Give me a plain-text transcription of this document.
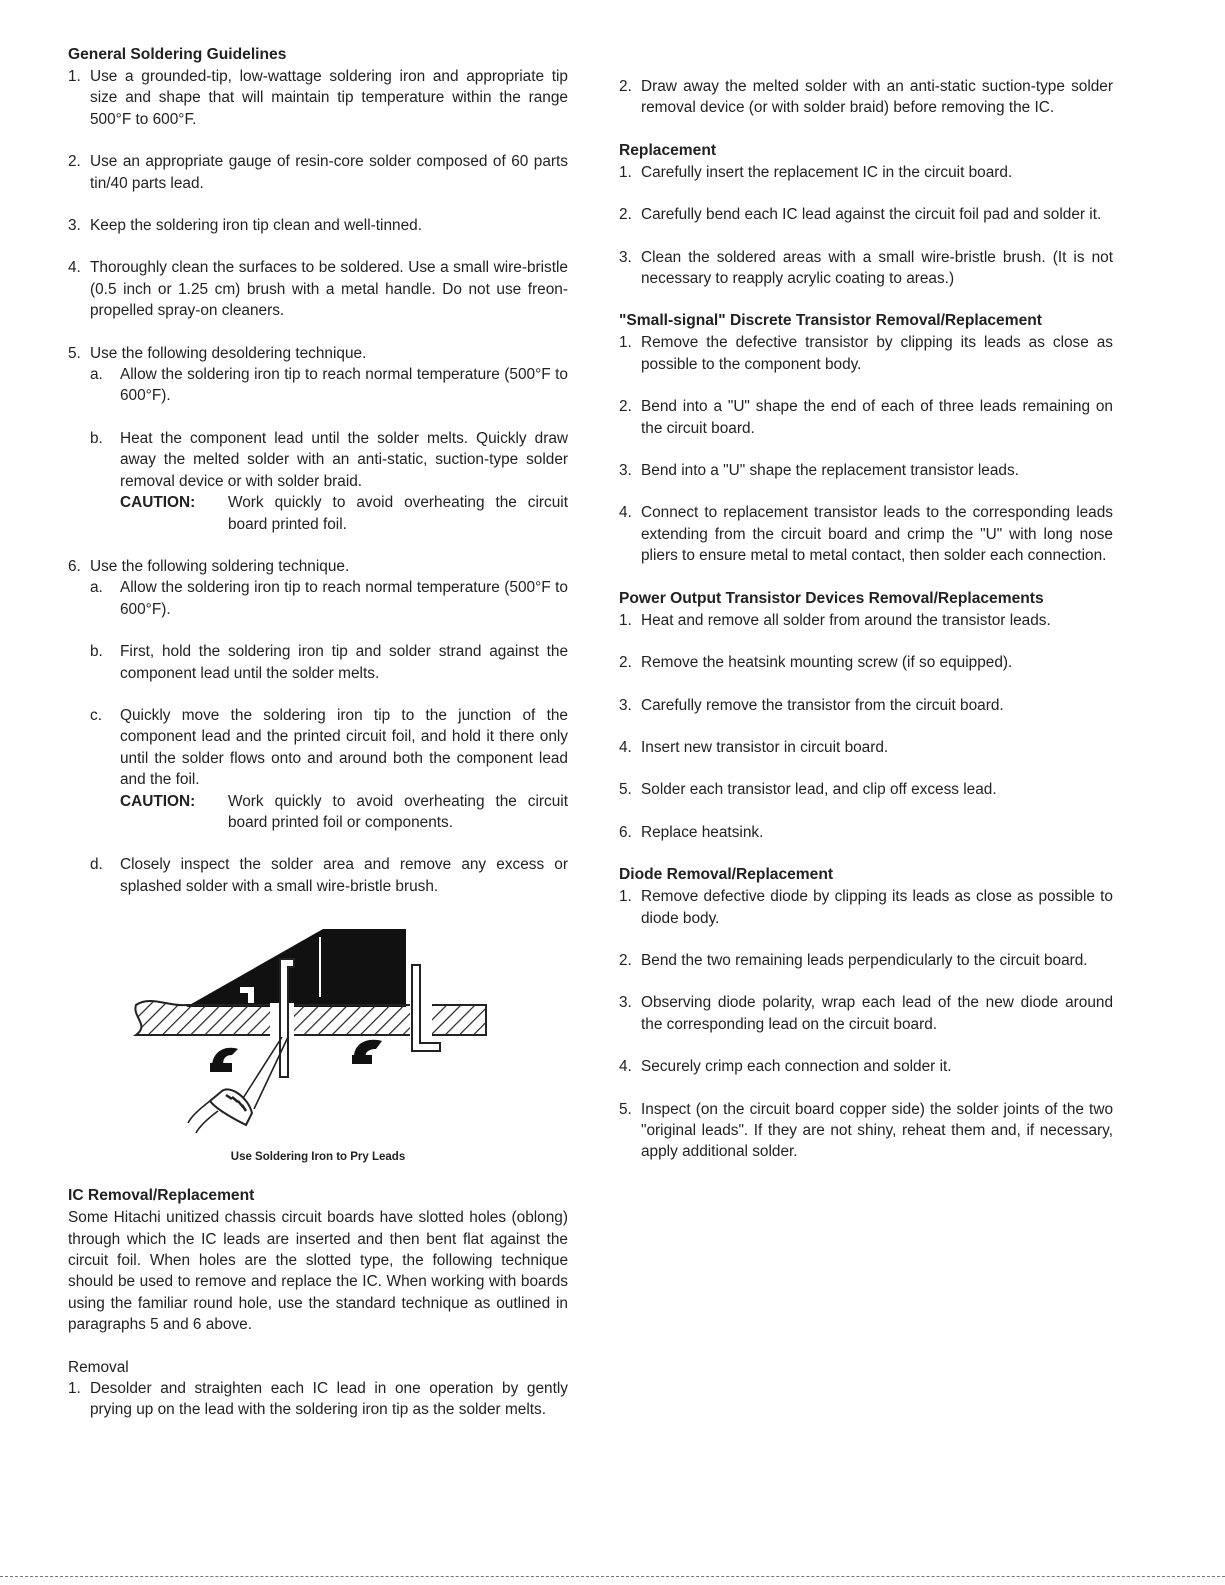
General Soldering Guidelines

1. Use a grounded-tip, low-wattage soldering iron and appropriate tip size and shape that will maintain tip temperature within the range 500°F to 600°F.
2. Use an appropriate gauge of resin-core solder composed of 60 parts tin/40 parts lead.
3. Keep the soldering iron tip clean and well-tinned.
4. Thoroughly clean the surfaces to be soldered. Use a small wire-bristle (0.5 inch or 1.25 cm) brush with a metal handle. Do not use freon-propelled spray-on cleaners.
5. Use the following desoldering technique.
a.	Allow the soldering iron tip to reach normal temperature (500°F to 600°F).
b.	Heat the component lead until the solder melts. Quickly draw away the melted solder with an anti-static, suction-type solder removal device or with solder braid.
CAUTION:	Work quickly to avoid overheating the circuit board printed foil.
6. Use the following soldering technique.
a.	Allow the soldering iron tip to reach normal temperature (500°F to 600°F).
b.	First, hold the soldering iron tip and solder strand against the component lead until the solder melts.
c.	Quickly move the soldering iron tip to the junction of the component lead and the printed circuit foil, and hold it there only until the solder flows onto and around both the component lead and the foil.
CAUTION:	Work quickly to avoid overheating the circuit board printed foil or components.
d.	Closely inspect the solder area and remove any excess or splashed solder with a small wire-bristle brush.
Use Soldering Iron to Pry Leads

IC Removal/Replacement

Some Hitachi unitized chassis circuit boards have slotted holes (oblong) through which the IC leads are inserted and then bent flat against the circuit foil. When holes are the slotted type, the following technique should be used to remove and replace the IC. When working with boards using the familiar round hole, use the standard technique as outlined in paragraphs 5 and 6 above.

Removal

1. Desolder and straighten each IC lead in one operation by gently prying up on the lead with the soldering iron tip as the solder melts.
2. Draw away the melted solder with an anti-static suction-type solder removal device (or with solder braid) before removing the IC.

Replacement

1. Carefully insert the replacement IC in the circuit board.
2. Carefully bend each IC lead against the circuit foil pad and solder it.
3. Clean the soldered areas with a small wire-bristle brush. (It is not necessary to reapply acrylic coating to areas.)

"Small-signal" Discrete Transistor Removal/Replacement

1. Remove the defective transistor by clipping its leads as close as possible to the component body.
2. Bend into a "U" shape the end of each of three leads remaining on the circuit board.
3. Bend into a "U" shape the replacement transistor leads.
4. Connect to replacement transistor leads to the corresponding leads extending from the circuit board and crimp the "U" with long nose pliers to ensure metal to metal contact, then solder each connection.

Power Output Transistor Devices Removal/Replacements

1. Heat and remove all solder from around the transistor leads.
2. Remove the heatsink mounting screw (if so equipped).
3. Carefully remove the transistor from the circuit board.
4. Insert new transistor in circuit board.
5. Solder each transistor lead, and clip off excess lead.
6. Replace heatsink.

Diode Removal/Replacement

1. Remove defective diode by clipping its leads as close as possible to diode body.
2. Bend the two remaining leads perpendicularly to the circuit board.
3. Observing diode polarity, wrap each lead of the new diode around the corresponding lead on the circuit board.
4. Securely crimp each connection and solder it.
5. Inspect (on the circuit board copper side) the solder joints of the two "original leads". If they are not shiny, reheat them and, if necessary, apply additional solder.
